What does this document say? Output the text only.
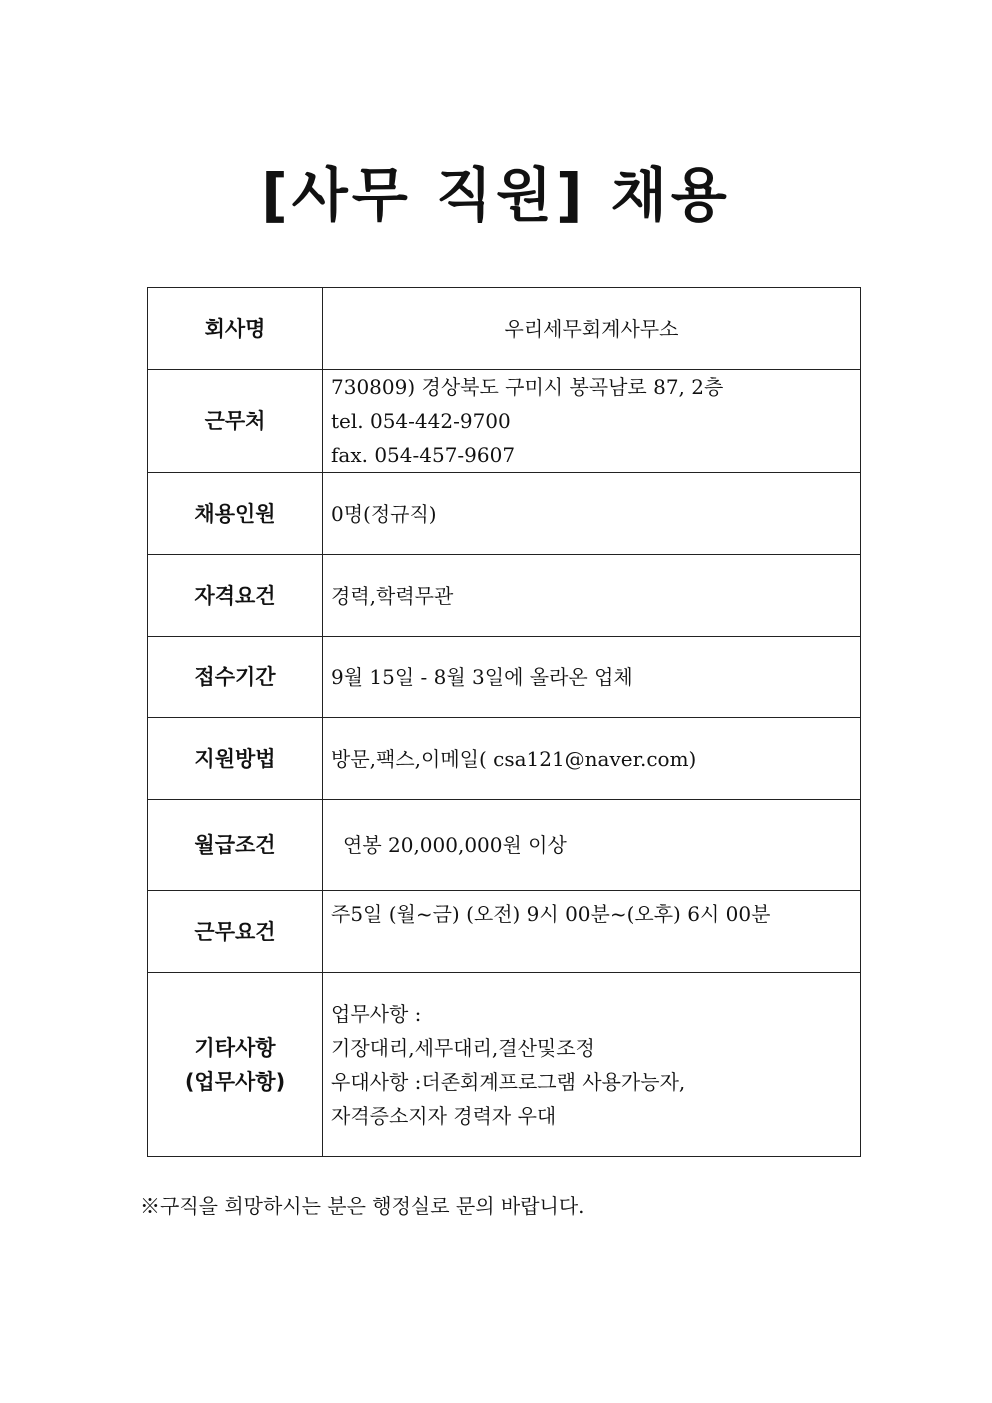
[사무 직원] 채용
회사명	우리세무회계사무소
근무처	730809) 경상북도 구미시 봉곡남로 87, 2층
tel. 054-442-9700
fax. 054-457-9607

채용인원	0명(정규직)
자격요건	경력,학력무관
접수기간	9월 15일 - 8월 3일에 올라온 업체
지원방법	방문,팩스,이메일( csa121@naver.com)
월급조건	연봉 20,000,000원 이상
근무요건	주5일 (월~금) (오전) 9시 00분~(오후) 6시 00분

기타사항
(업무사항)	업무사항 :
기장대리,세무대리,결산및조정
우대사항 :더존회계프로그램 사용가능자,
자격증소지자 경력자 우대
※구직을 희망하시는 분은 행정실로 문의 바랍니다.
